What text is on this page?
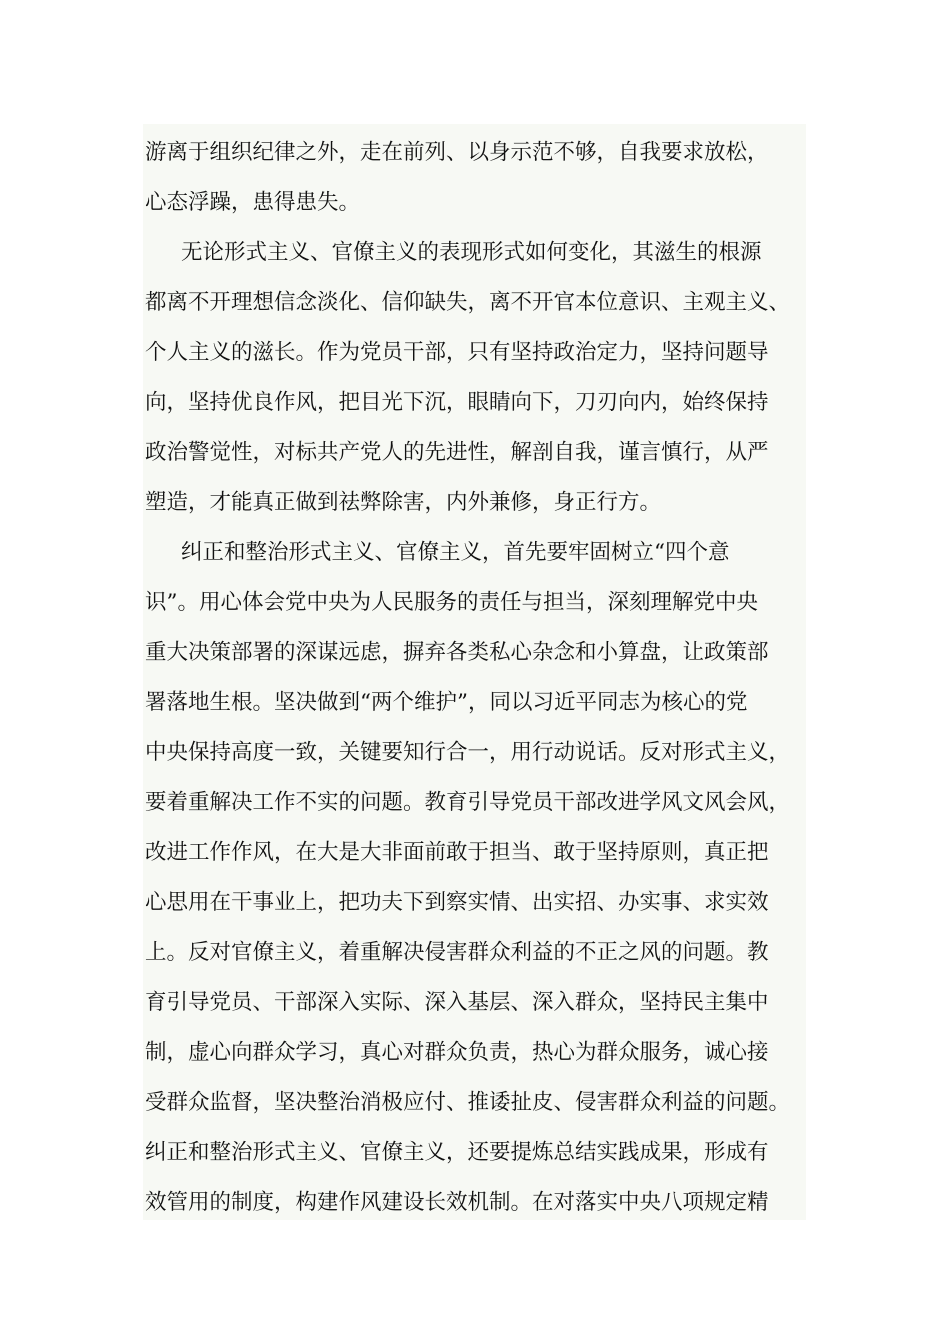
游离于组织纪律之外，走在前列、以身示范不够，自我要求放松，
心态浮躁，患得患失。
无论形式主义、官僚主义的表现形式如何变化，其滋生的根源
都离不开理想信念淡化、信仰缺失，离不开官本位意识、主观主义、
个人主义的滋长。作为党员干部，只有坚持政治定力，坚持问题导
向，坚持优良作风，把目光下沉，眼睛向下，刀刃向内，始终保持
政治警觉性，对标共产党人的先进性，解剖自我，谨言慎行，从严
塑造，才能真正做到祛弊除害，内外兼修，身正行方。
纠正和整治形式主义、官僚主义，首先要牢固树立“四个意
识”。用心体会党中央为人民服务的责任与担当，深刻理解党中央
重大决策部署的深谋远虑，摒弃各类私心杂念和小算盘，让政策部
署落地生根。坚决做到“两个维护”，同以习近平同志为核心的党
中央保持高度一致，关键要知行合一，用行动说话。反对形式主义，
要着重解决工作不实的问题。教育引导党员干部改进学风文风会风，
改进工作作风，在大是大非面前敢于担当、敢于坚持原则，真正把
心思用在干事业上，把功夫下到察实情、出实招、办实事、求实效
上。反对官僚主义，着重解决侵害群众利益的不正之风的问题。教
育引导党员、干部深入实际、深入基层、深入群众，坚持民主集中
制，虚心向群众学习，真心对群众负责，热心为群众服务，诚心接
受群众监督，坚决整治消极应付、推诿扯皮、侵害群众利益的问题。
纠正和整治形式主义、官僚主义，还要提炼总结实践成果，形成有
效管用的制度，构建作风建设长效机制。在对落实中央八项规定精
